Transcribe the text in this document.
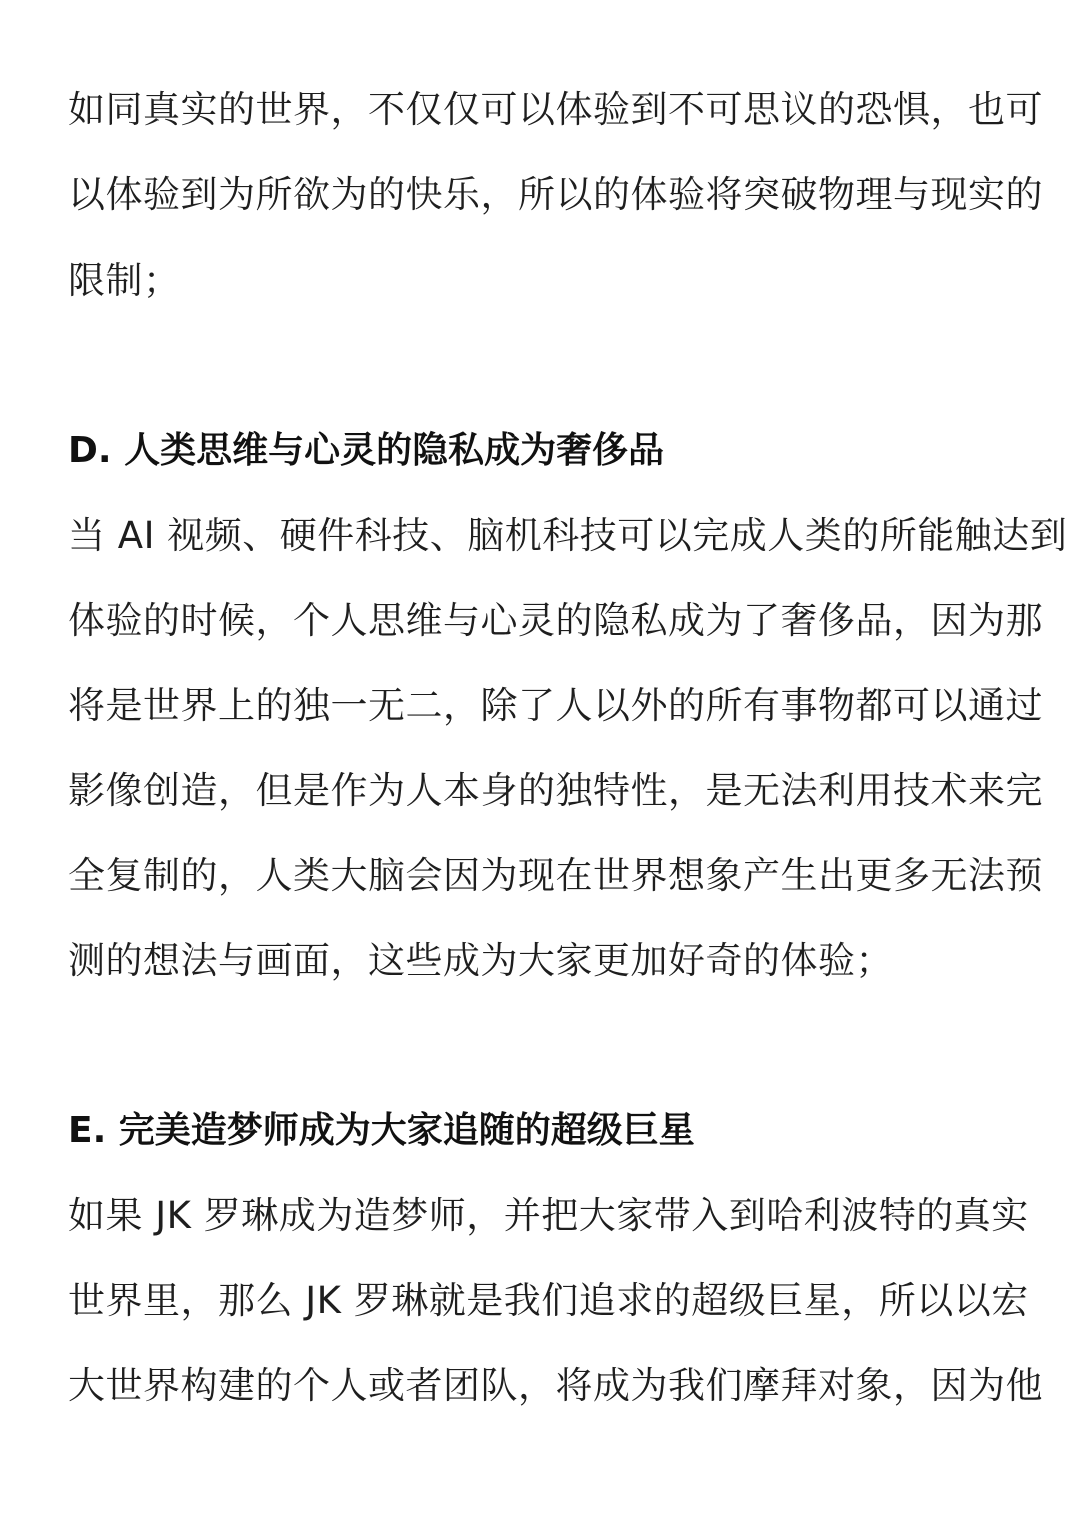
如同真实的世界，不仅仅可以体验到不可思议的恐惧，也可
以体验到为所欲为的快乐，所以的体验将突破物理与现实的
限制；
D. 人类思维与心灵的隐私成为奢侈品
当 AI 视频、硬件科技、脑机科技可以完成人类的所能触达到
体验的时候，个人思维与心灵的隐私成为了奢侈品，因为那
将是世界上的独一无二，除了人以外的所有事物都可以通过
影像创造，但是作为人本身的独特性，是无法利用技术来完
全复制的，人类大脑会因为现在世界想象产生出更多无法预
测的想法与画面，这些成为大家更加好奇的体验；
E. 完美造梦师成为大家追随的超级巨星
如果 JK 罗琳成为造梦师，并把大家带入到哈利波特的真实
世界里，那么 JK 罗琳就是我们追求的超级巨星，所以以宏
大世界构建的个人或者团队，将成为我们摩拜对象，因为他
